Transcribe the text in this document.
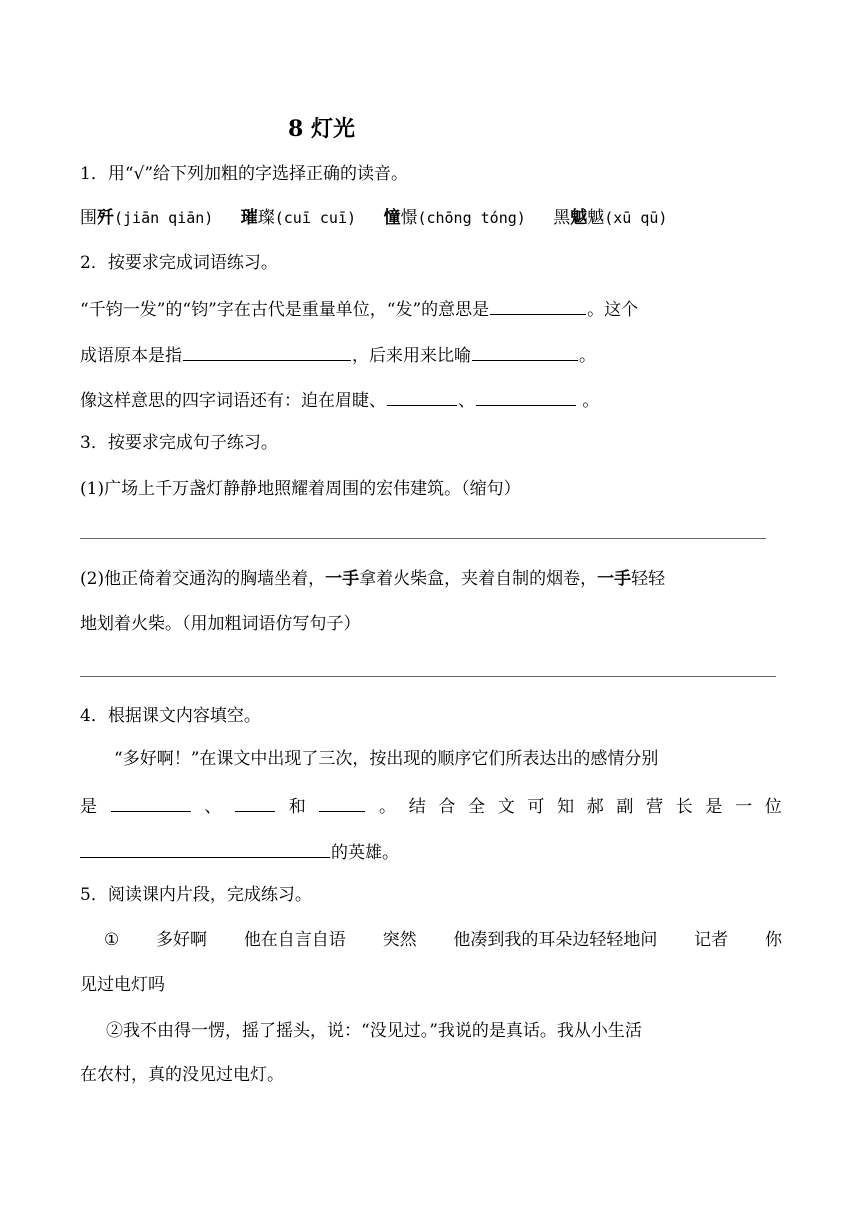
8 灯光
1．用“√”给下列加粗的字选择正确的读音。
围歼(jiān qiān) 璀璨(cuī cuī) 憧憬(chōng tóng) 黑魆魆(xū qū)
2．按要求完成词语练习。
“千钧一发”的“钧”字在古代是重量单位，“发”的意思是	。这个
成语原本是指	，后来用来比喻	。
像这样意思的四字词语还有：迫在眉睫、	、	。
3．按要求完成句子练习。
(1)广场上千万盏灯静静地照耀着周围的宏伟建筑。（缩句）
(2)他正倚着交通沟的胸墙坐着，一手拿着火柴盒，夹着自制的烟卷，一手轻轻
地划着火柴。（用加粗词语仿写句子）
4．根据课文内容填空。
“多好啊！”在课文中出现了三次，按出现的顺序它们所表达出的感情分别
是	、	和	。 结 合 全 文 可 知 郝 副 营 长 是 一 位
的英雄。
5．阅读课内片段，完成练习。
① 多好啊 他在自言自语 突然 他凑到我的耳朵边轻轻地问 记者 你
见过电灯吗
②我不由得一愣，摇了摇头，说：“没见过。”我说的是真话。我从小生活
在农村，真的没见过电灯。
